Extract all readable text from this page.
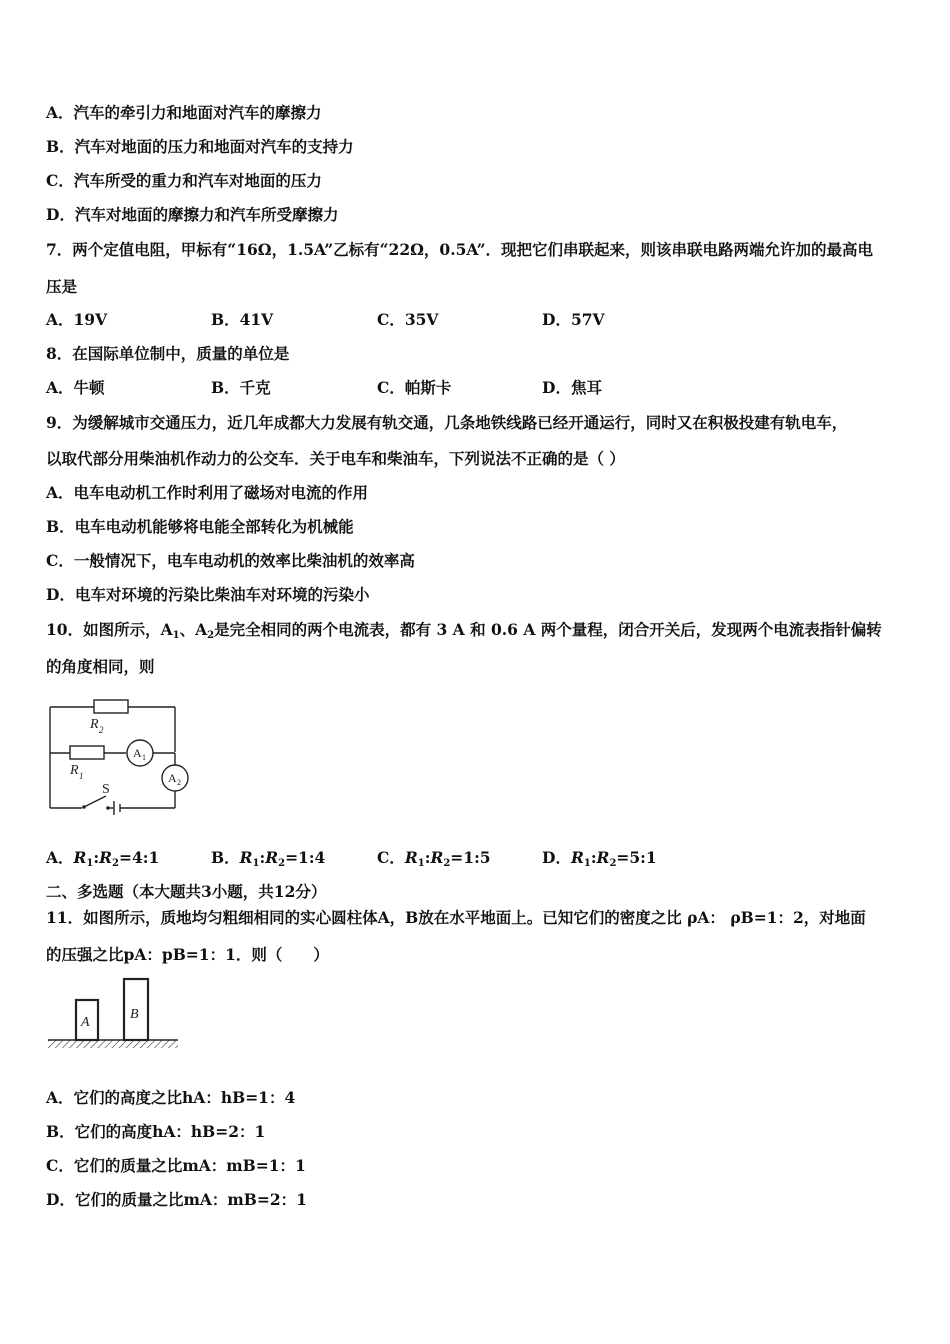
A．汽车的牵引力和地面对汽车的摩擦力
B．汽车对地面的压力和地面对汽车的支持力
C．汽车所受的重力和汽车对地面的压力
D．汽车对地面的摩擦力和汽车所受摩擦力
7．两个定值电阻，甲标有“16Ω，1.5A”乙标有“22Ω，0.5A”．现把它们串联起来，则该串联电路两端允许加的最高电
压是
A．19V	B．41V	C．35V	D．57V
8．在国际单位制中，质量的单位是
A．牛顿	B．千克	C．帕斯卡	D．焦耳
9．为缓解城市交通压力，近几年成都大力发展有轨交通，几条地铁线路已经开通运行，同时又在积极投建有轨电车，
以取代部分用柴油机作动力的公交车．关于电车和柴油车，下列说法不正确的是（ ）
A．电车电动机工作时利用了磁场对电流的作用
B．电车电动机能够将电能全部转化为机械能
C．一般情况下，电车电动机的效率比柴油机的效率高
D．电车对环境的污染比柴油车对环境的污染小
10．如图所示，$A_1$、$A_2$是完全相同的两个电流表，都有 3 A 和 0.6 A 两个量程，闭合开关后，发现两个电流表指针偏转
的角度相同，则
R 2
R 1
A 1
A 2
S
A．$R_1:R_2=4:1$	B．$R_1:R_2=1:4$	C．$R_1:R_2=1:5$	D．$R_1:R_2=5:1$
二、多选题（本大题共3小题，共12分）
11．如图所示，质地均匀粗细相同的实心圆柱体A，B放在水平地面上。已知它们的密度之比 ρA： ρB=1：2，对地面
的压强之比pA：pB=1：1．则（　　）
A
B
A．它们的高度之比hA：hB=1：4
B．它们的高度hA：hB=2：1
C．它们的质量之比mA：mB=1：1
D．它们的质量之比mA：mB=2：1
